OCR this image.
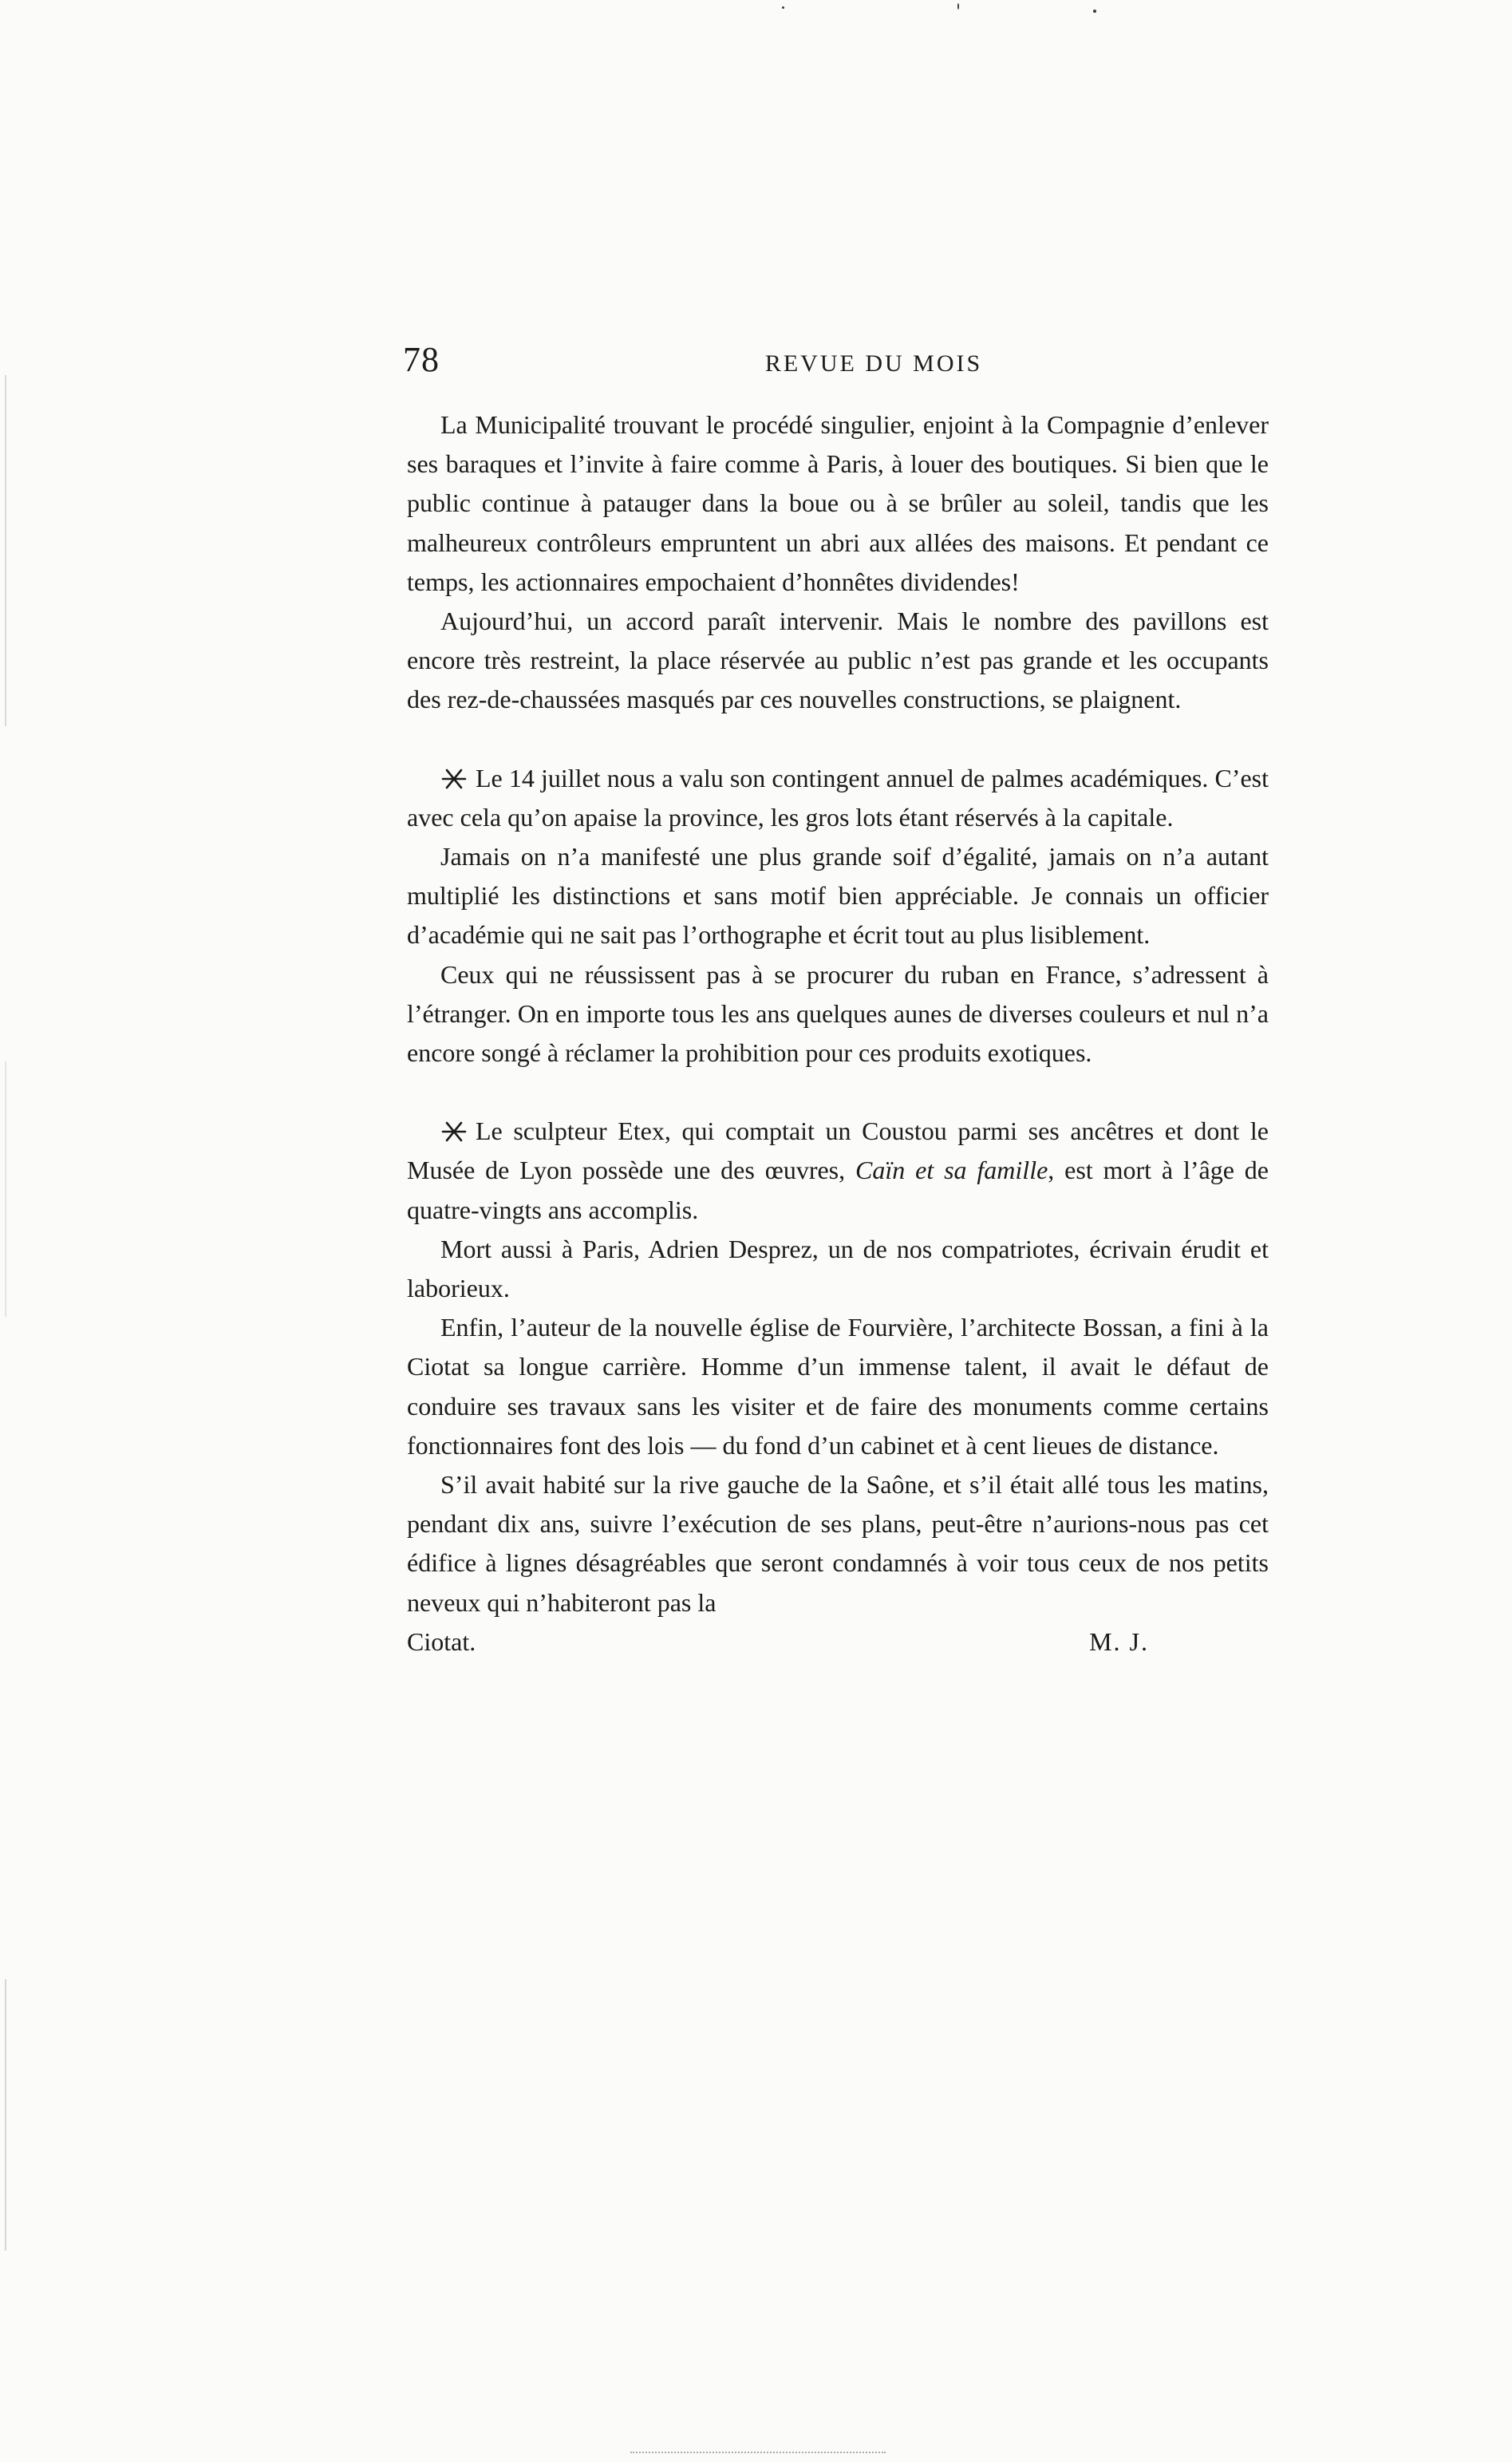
78	REVUE DU MOIS

La Municipalité trouvant le procédé singulier, enjoint à la Compagnie d’enlever ses baraques et l’invite à faire comme à Paris, à louer des boutiques. Si bien que le public continue à patauger dans la boue ou à se brûler au soleil, tandis que les malheureux contrôleurs empruntent un abri aux allées des maisons. Et pendant ce temps, les actionnaires empochaient d’honnêtes dividendes!

Aujourd’hui, un accord paraît intervenir. Mais le nombre des pavillons est encore très restreint, la place réservée au public n’est pas grande et les occupants des rez-de-chaussées masqués par ces nouvelles constructions, se plaignent.

Le 14 juillet nous a valu son contingent annuel de palmes académiques. C’est avec cela qu’on apaise la province, les gros lots étant réservés à la capitale.

Jamais on n’a manifesté une plus grande soif d’égalité, jamais on n’a autant multiplié les distinctions et sans motif bien appréciable. Je connais un officier d’académie qui ne sait pas l’orthographe et écrit tout au plus lisiblement.

Ceux qui ne réussissent pas à se procurer du ruban en France, s’adressent à l’étranger. On en importe tous les ans quelques aunes de diverses couleurs et nul n’a encore songé à réclamer la prohibition pour ces produits exotiques.

Le sculpteur Etex, qui comptait un Coustou parmi ses ancêtres et dont le Musée de Lyon possède une des œuvres, Caïn et sa famille, est mort à l’âge de quatre-vingts ans accomplis.

Mort aussi à Paris, Adrien Desprez, un de nos compatriotes, écrivain érudit et laborieux.

Enfin, l’auteur de la nouvelle église de Fourvière, l’architecte Bossan, a fini à la Ciotat sa longue carrière. Homme d’un immense talent, il avait le défaut de conduire ses travaux sans les visiter et de faire des monuments comme certains fonctionnaires font des lois — du fond d’un cabinet et à cent lieues de distance.

S’il avait habité sur la rive gauche de la Saône, et s’il était allé tous les matins, pendant dix ans, suivre l’exécution de ses plans, peut-être n’aurions-nous pas cet édifice à lignes désagréables que seront condamnés à voir tous ceux de nos petits neveux qui n’habiteront pas la

Ciotat.	M. J.
